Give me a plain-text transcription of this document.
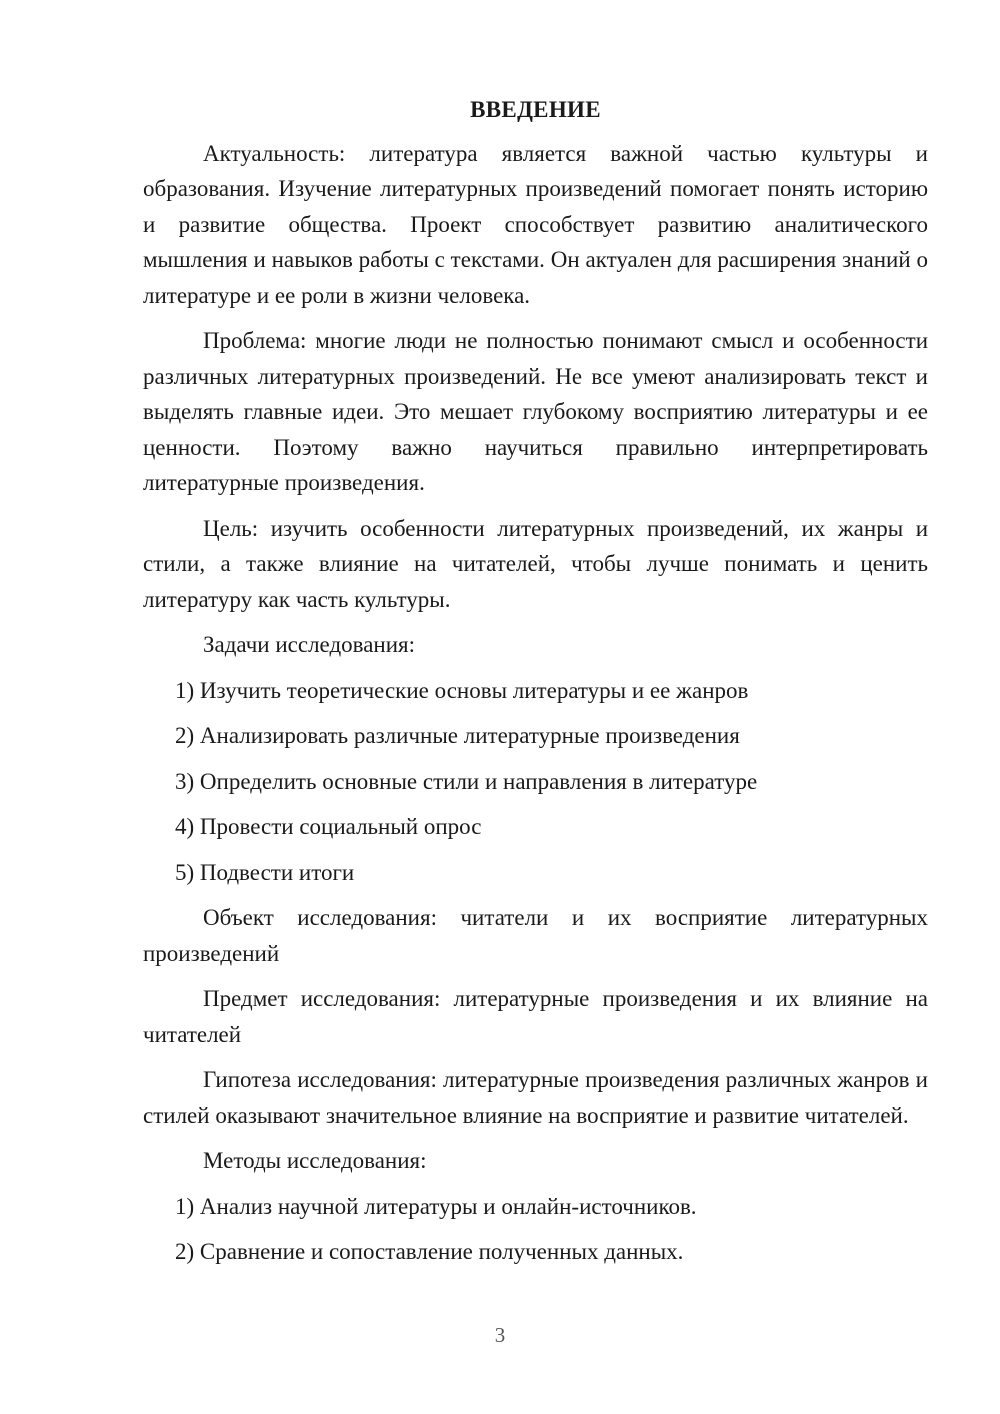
ВВЕДЕНИЕ

Актуальность: литература является важной частью культуры и образования. Изучение литературных произведений помогает понять историю и развитие общества. Проект способствует развитию аналитического мышления и навыков работы с текстами. Он актуален для расширения знаний о литературе и ее роли в жизни человека.

Проблема: многие люди не полностью понимают смысл и особенности различных литературных произведений. Не все умеют анализировать текст и выделять главные идеи. Это мешает глубокому восприятию литературы и ее ценности. Поэтому важно научиться правильно интерпретировать литературные произведения.

Цель: изучить особенности литературных произведений, их жанры и стили, а также влияние на читателей, чтобы лучше понимать и ценить литературу как часть культуры.

Задачи исследования:

1) Изучить теоретические основы литературы и ее жанров
2) Анализировать различные литературные произведения
3) Определить основные стили и направления в литературе
4) Провести социальный опрос
5) Подвести итоги

Объект исследования: читатели и их восприятие литературных произведений

Предмет исследования: литературные произведения и их влияние на читателей

Гипотеза исследования: литературные произведения различных жанров и стилей оказывают значительное влияние на восприятие и развитие читателей.

Методы исследования:

1) Анализ научной литературы и онлайн-источников.
2) Сравнение и сопоставление полученных данных.
3
